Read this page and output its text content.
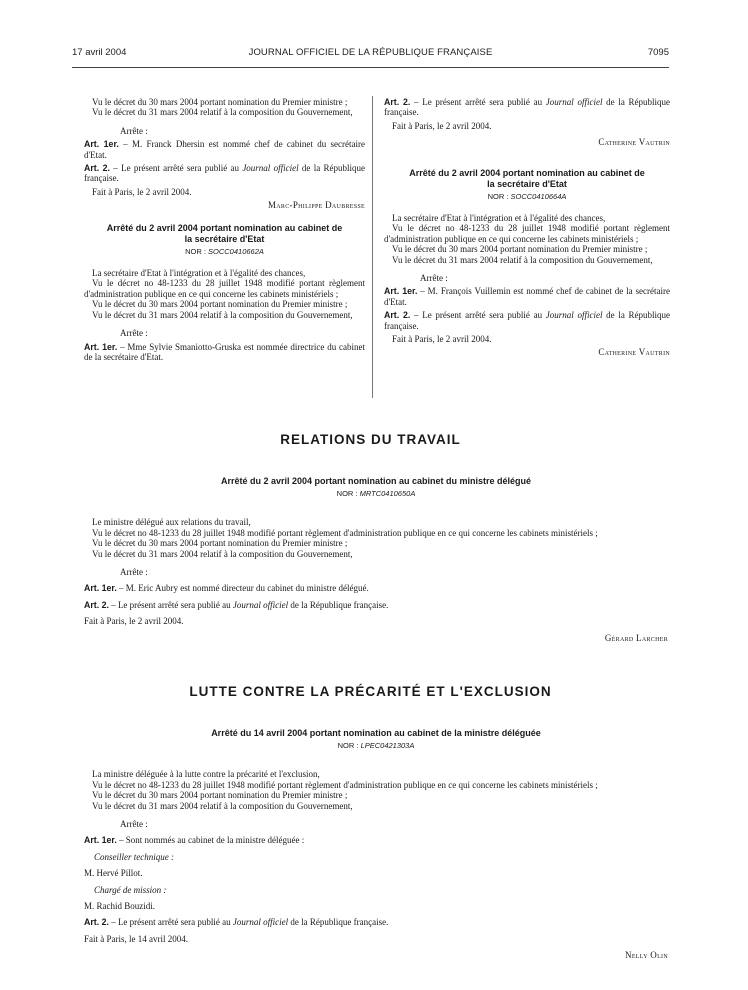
17 avril 2004	JOURNAL OFFICIEL DE LA RÉPUBLIQUE FRANÇAISE	7095

Vu le décret du 30 mars 2004 portant nomination du Premier ministre ;

Vu le décret du 31 mars 2004 relatif à la composition du Gouvernement,

Arrête :

Art. 1er. – M. Franck Dhersin est nommé chef de cabinet du secrétaire d'Etat.

Art. 2. – Le présent arrêté sera publié au Journal officiel de la République française.

Fait à Paris, le 2 avril 2004.

Marc-Philippe Daubresse

Arrêté du 2 avril 2004 portant nomination au cabinet de la secrétaire d'Etat

NOR : SOCC0410662A

La secrétaire d'Etat à l'intégration et à l'égalité des chances,

Vu le décret no 48-1233 du 28 juillet 1948 modifié portant règlement d'administration publique en ce qui concerne les cabinets ministériels ;

Vu le décret du 30 mars 2004 portant nomination du Premier ministre ;

Vu le décret du 31 mars 2004 relatif à la composition du Gouvernement,

Arrête :

Art. 1er. – Mme Sylvie Smaniotto-Gruska est nommée directrice du cabinet de la secrétaire d'Etat.

Art. 2. – Le présent arrêté sera publié au Journal officiel de la République française.

Fait à Paris, le 2 avril 2004.

Catherine Vautrin

Arrêté du 2 avril 2004 portant nomination au cabinet de la secrétaire d'Etat

NOR : SOCC0410664A

La secrétaire d'Etat à l'intégration et à l'égalité des chances,

Vu le décret no 48-1233 du 28 juillet 1948 modifié portant règlement d'administration publique en ce qui concerne les cabinets ministériels ;

Vu le décret du 30 mars 2004 portant nomination du Premier ministre ;

Vu le décret du 31 mars 2004 relatif à la composition du Gouvernement,

Arrête :

Art. 1er. – M. François Vuillemin est nommé chef de cabinet de la secrétaire d'Etat.

Art. 2. – Le présent arrêté sera publié au Journal officiel de la République française.

Fait à Paris, le 2 avril 2004.

Catherine Vautrin

RELATIONS DU TRAVAIL

Arrêté du 2 avril 2004 portant nomination au cabinet du ministre délégué

NOR : MRTC0410650A

Le ministre délégué aux relations du travail,

Vu le décret no 48-1233 du 28 juillet 1948 modifié portant règlement d'administration publique en ce qui concerne les cabinets ministériels ;

Vu le décret du 30 mars 2004 portant nomination du Premier ministre ;

Vu le décret du 31 mars 2004 relatif à la composition du Gouvernement,

Arrête :

Art. 1er. – M. Eric Aubry est nommé directeur du cabinet du ministre délégué.

Art. 2. – Le présent arrêté sera publié au Journal officiel de la République française.

Fait à Paris, le 2 avril 2004.

Gérard Larcher

LUTTE CONTRE LA PRÉCARITÉ ET L'EXCLUSION

Arrêté du 14 avril 2004 portant nomination au cabinet de la ministre déléguée

NOR : LPEC0421303A

La ministre déléguée à la lutte contre la précarité et l'exclusion,

Vu le décret no 48-1233 du 28 juillet 1948 modifié portant règlement d'administration publique en ce qui concerne les cabinets ministériels ;

Vu le décret du 30 mars 2004 portant nomination du Premier ministre ;

Vu le décret du 31 mars 2004 relatif à la composition du Gouvernement,

Arrête :

Art. 1er. – Sont nommés au cabinet de la ministre déléguée :

Conseiller technique :

M. Hervé Pillot.

Chargé de mission :

M. Rachid Bouzidi.

Art. 2. – Le présent arrêté sera publié au Journal officiel de la République française.

Fait à Paris, le 14 avril 2004.

Nelly Olin
